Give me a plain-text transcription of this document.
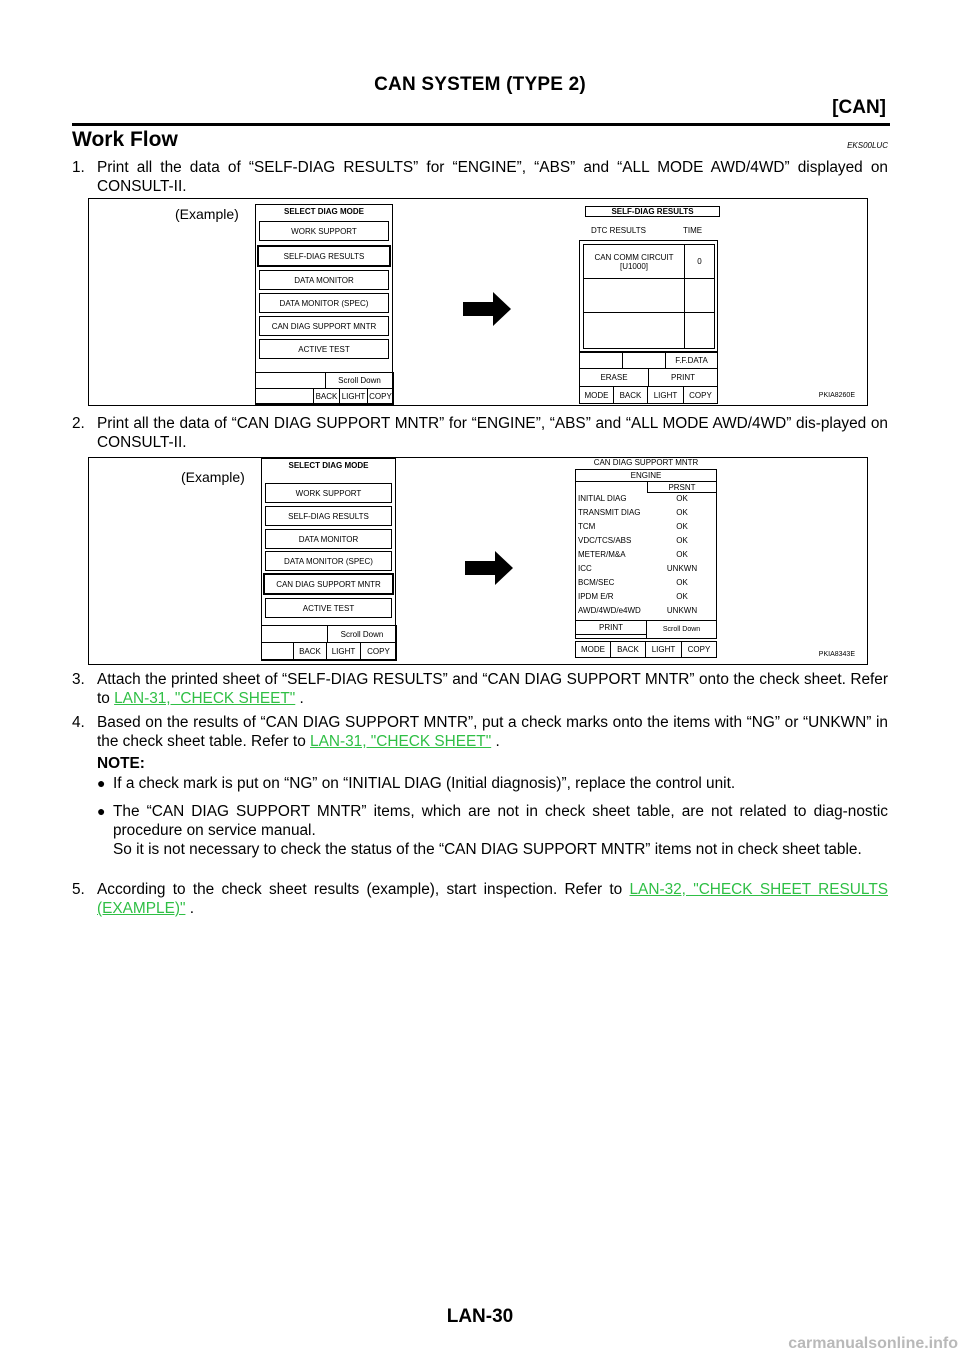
CAN SYSTEM (TYPE 2)
[CAN]
Work Flow	EKS00LUC
1. Print all the data of “SELF-DIAG RESULTS” for “ENGINE”, “ABS” and “ALL MODE AWD/4WD” displayed on CONSULT-II.
(Example)	SELECT DIAG MODE
WORK SUPPORT
SELF-DIAG RESULTS
DATA MONITOR
DATA MONITOR (SPEC)
CAN DIAG SUPPORT MNTR
ACTIVE TEST
Scroll Down
BACK LIGHT COPY
SELF-DIAG RESULTS
DTC RESULTS	TIME
CAN COMM CIRCUIT
[U1000]	0
F.F.DATA
ERASE	PRINT
MODE	BACK	LIGHT	COPY	PKIA8260E
2. Print all the data of “CAN DIAG SUPPORT MNTR” for “ENGINE”, “ABS” and “ALL MODE AWD/4WD” dis-played on CONSULT-II.
(Example)
SELECT DIAG MODE
WORK SUPPORT
SELF-DIAG RESULTS
DATA MONITOR
DATA MONITOR (SPEC)
CAN DIAG SUPPORT MNTR
ACTIVE TEST
Scroll Down
BACK	LIGHT	COPY
CAN DIAG SUPPORT MNTR
ENGINE
PRSNT
INITIAL DIAG	OK
TRANSMIT DIAG	OK
TCM	OK
VDC/TCS/ABS	OK
METER/M&A	OK
ICC	UNKWN
BCM/SEC	OK
IPDM E/R	OK
AWD/4WD/e4WD	UNKWN
PRINT	Scroll Down
MODE	BACK	LIGHT	COPY
PKIA8343E
3. Attach the printed sheet of “SELF-DIAG RESULTS” and “CAN DIAG SUPPORT MNTR” onto the check sheet. Refer to LAN-31, "CHECK SHEET" .
4. Based on the results of “CAN DIAG SUPPORT MNTR”, put a check marks onto the items with “NG” or “UNKWN” in the check sheet table. Refer to LAN-31, "CHECK SHEET" .
NOTE:
● If a check mark is put on “NG” on “INITIAL DIAG (Initial diagnosis)”, replace the control unit.
● The “CAN DIAG SUPPORT MNTR” items, which are not in check sheet table, are not related to diag-nostic procedure on service manual.
So it is not necessary to check the status of the “CAN DIAG SUPPORT MNTR” items not in check sheet table.
5. According to the check sheet results (example), start inspection. Refer to LAN-32, "CHECK SHEET RESULTS (EXAMPLE)" .
LAN-30
carmanualsonline.info
